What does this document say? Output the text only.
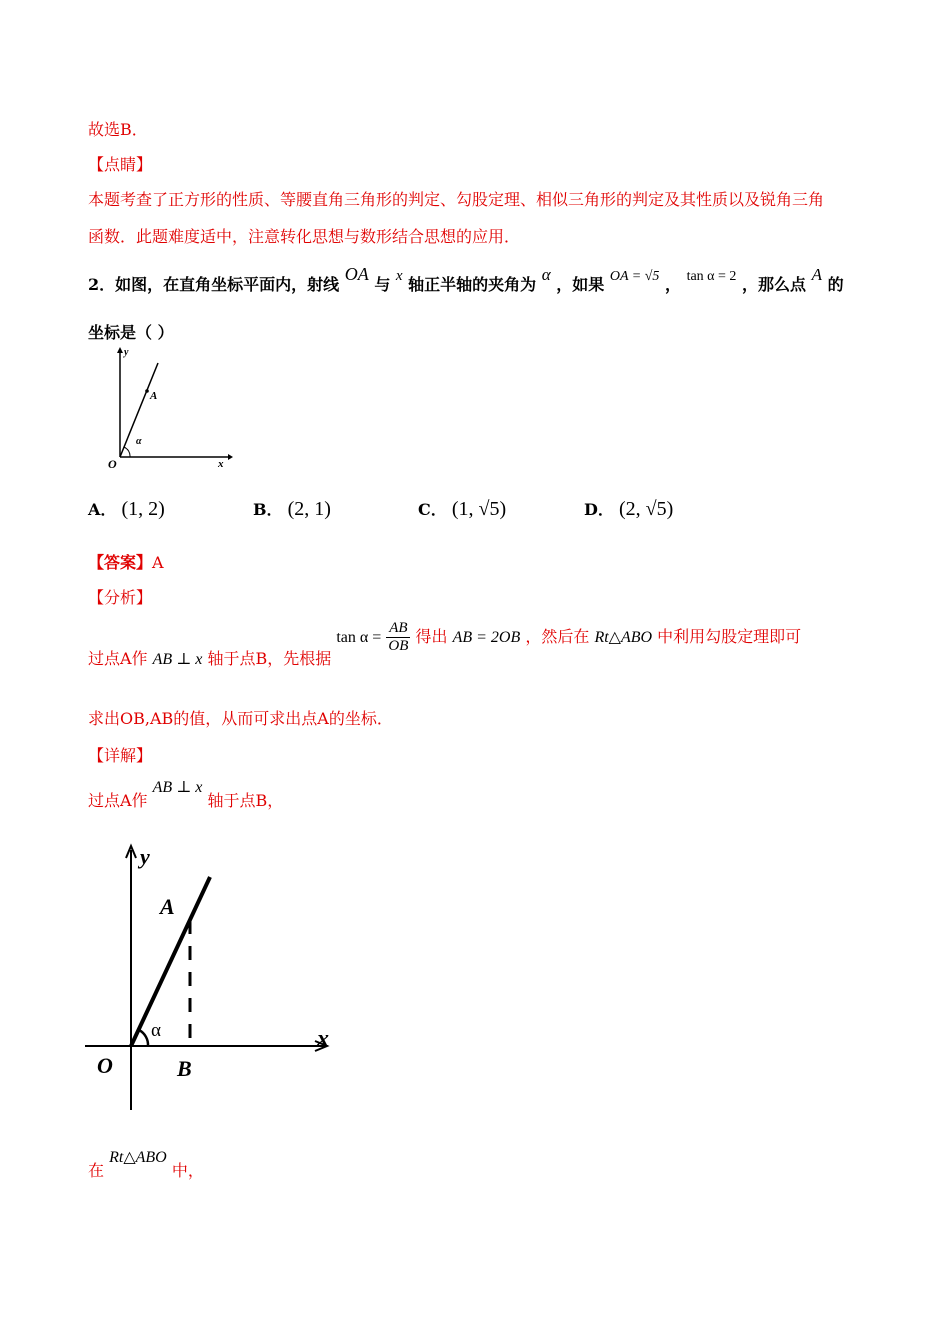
故选B．
【点睛】
本题考查了正方形的性质、等腰直角三角形的判定、勾股定理、相似三角形的判定及其性质以及锐角三角
函数．此题难度适中，注意转化思想与数形结合思想的应用．
2．如图，在直角坐标平面内，射线 OA 与 x 轴正半轴的夹角为 α ，如果 OA = √5 ， tan α = 2 ，那么点 A 的
坐标是（ ）
y
A
α
O	x
A． (1, 2)	B． (2, 1)	C． (1, √5)	D． (2, √5)
【答案】A
【分析】
过点A作 AB ⊥ x 轴于点B，先根据 $\tan \alpha = \frac{AB}{OB}$ 得出 AB = 2OB ，然后在 Rt△ABO 中利用勾股定理即可
求出OB,AB的值，从而可求出点A的坐标．
【详解】
过点A作 AB ⊥ x 轴于点B，
y
A
α
O	B
x
在 Rt△ABO 中，
